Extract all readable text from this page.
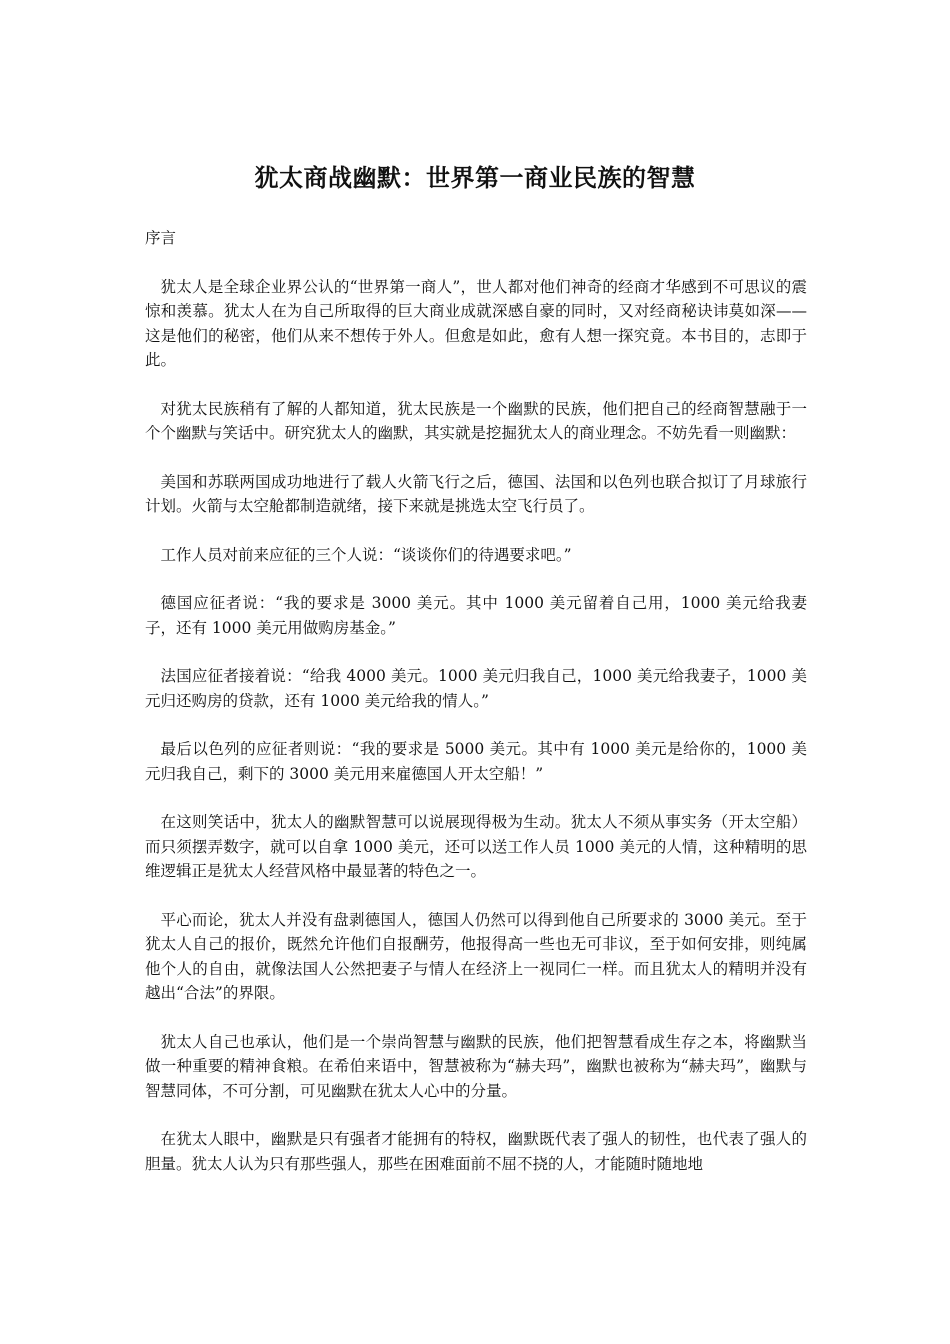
犹太商战幽默：世界第一商业民族的智慧

序言

犹太人是全球企业界公认的“世界第一商人”，世人都对他们神奇的经商才华感到不可思议的震惊和羡慕。犹太人在为自己所取得的巨大商业成就深感自豪的同时，又对经商秘诀讳莫如深——这是他们的秘密，他们从来不想传于外人。但愈是如此，愈有人想一探究竟。本书目的，志即于此。

对犹太民族稍有了解的人都知道，犹太民族是一个幽默的民族，他们把自己的经商智慧融于一个个幽默与笑话中。研究犹太人的幽默，其实就是挖掘犹太人的商业理念。不妨先看一则幽默：

美国和苏联两国成功地进行了载人火箭飞行之后，德国、法国和以色列也联合拟订了月球旅行计划。火箭与太空舱都制造就绪，接下来就是挑选太空飞行员了。

工作人员对前来应征的三个人说：“谈谈你们的待遇要求吧。”

德国应征者说：“我的要求是 3000 美元。其中 1000 美元留着自己用，1000 美元给我妻子，还有 1000 美元用做购房基金。”

法国应征者接着说：“给我 4000 美元。1000 美元归我自己，1000 美元给我妻子，1000 美元归还购房的贷款，还有 1000 美元给我的情人。”

最后以色列的应征者则说：“我的要求是 5000 美元。其中有 1000 美元是给你的，1000 美元归我自己，剩下的 3000 美元用来雇德国人开太空船！”

在这则笑话中，犹太人的幽默智慧可以说展现得极为生动。犹太人不须从事实务（开太空船）而只须摆弄数字，就可以自拿 1000 美元，还可以送工作人员 1000 美元的人情，这种精明的思维逻辑正是犹太人经营风格中最显著的特色之一。

平心而论，犹太人并没有盘剥德国人，德国人仍然可以得到他自己所要求的 3000 美元。至于犹太人自己的报价，既然允许他们自报酬劳，他报得高一些也无可非议，至于如何安排，则纯属他个人的自由，就像法国人公然把妻子与情人在经济上一视同仁一样。而且犹太人的精明并没有越出“合法”的界限。

犹太人自己也承认，他们是一个崇尚智慧与幽默的民族，他们把智慧看成生存之本，将幽默当做一种重要的精神食粮。在希伯来语中，智慧被称为“赫夫玛”，幽默也被称为“赫夫玛”，幽默与智慧同体，不可分割，可见幽默在犹太人心中的分量。

在犹太人眼中，幽默是只有强者才能拥有的特权，幽默既代表了强人的韧性，也代表了强人的胆量。犹太人认为只有那些强人，那些在困难面前不屈不挠的人，才能随时随地地
